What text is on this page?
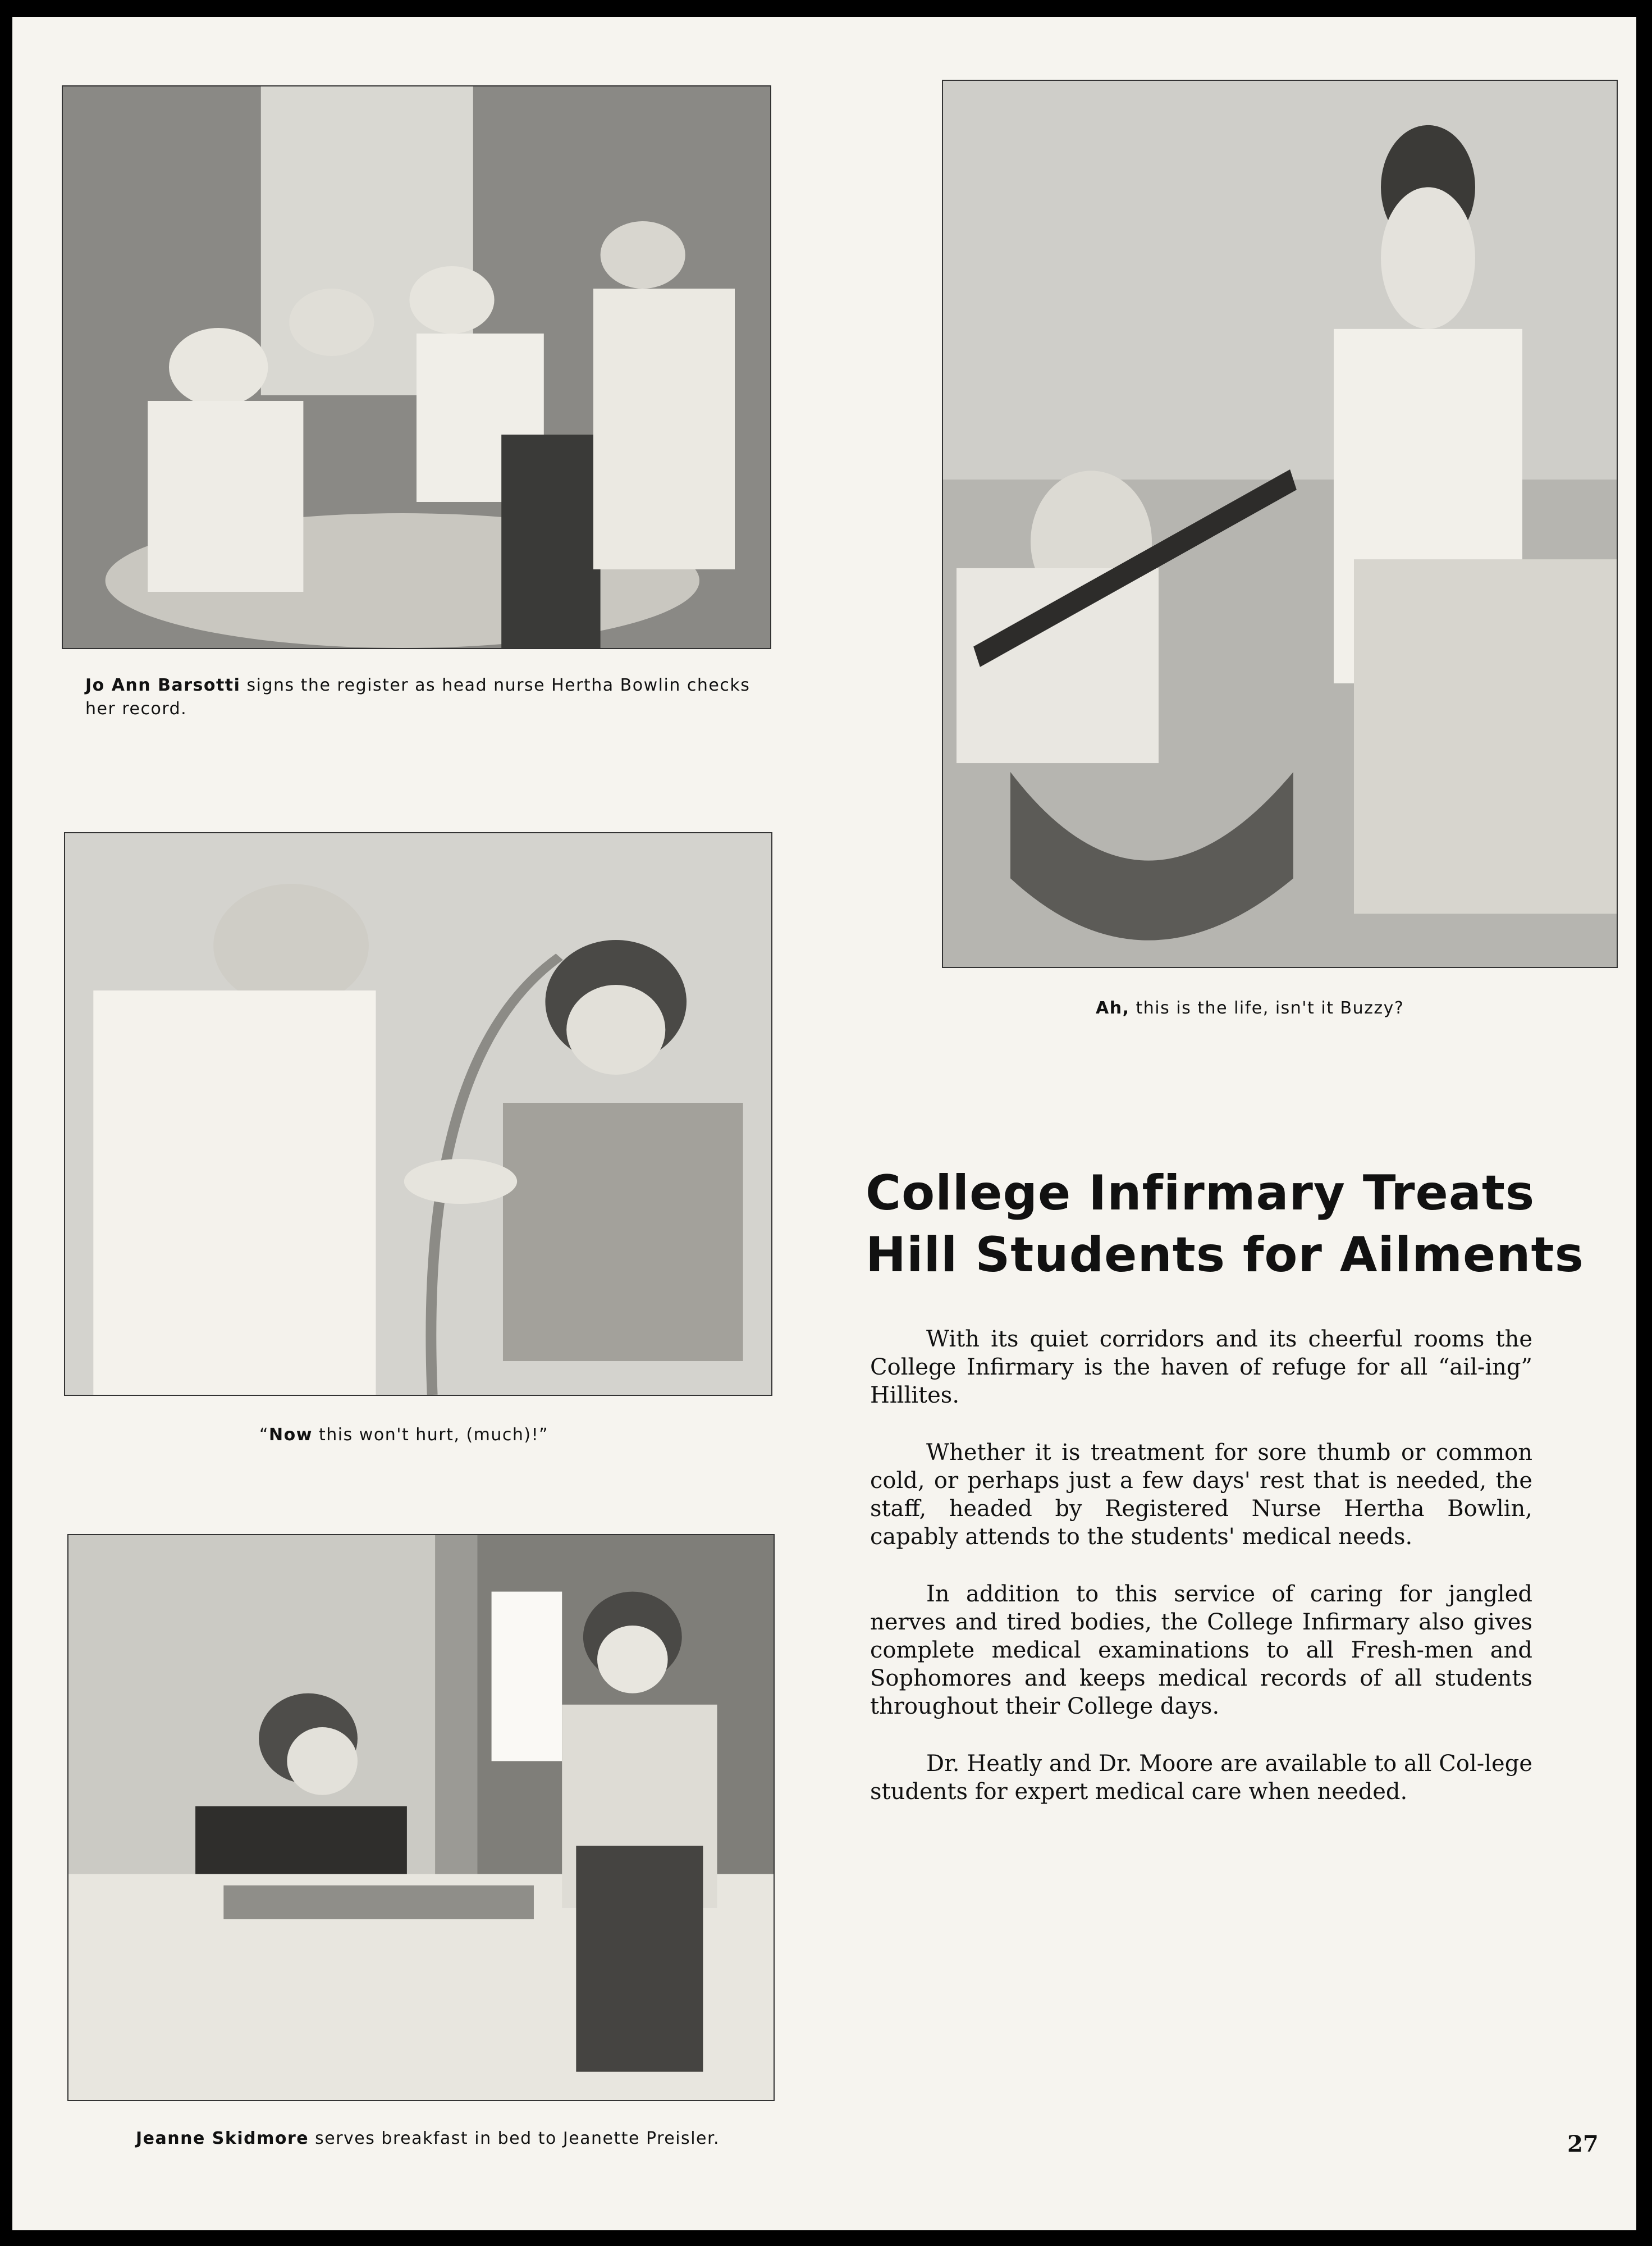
Jo Ann Barsotti signs the register as head nurse Hertha Bowlin checks her record.
Ah, this is the life, isn't it Buzzy?
“Now this won't hurt, (much)!”
Jeanne Skidmore serves breakfast in bed to Jeanette Preisler.
College Infirmary Treats
Hill Students for Ailments

With its quiet corridors and its cheerful rooms the College Infirmary is the haven of refuge for all “ail-ing” Hillites.

Whether it is treatment for sore thumb or common cold, or perhaps just a few days' rest that is needed, the staff, headed by Registered Nurse Hertha Bowlin, capably attends to the students' medical needs.

In addition to this service of caring for jangled nerves and tired bodies, the College Infirmary also gives complete medical examinations to all Fresh-men and Sophomores and keeps medical records of all students throughout their College days.

Dr. Heatly and Dr. Moore are available to all Col-lege students for expert medical care when needed.

27
